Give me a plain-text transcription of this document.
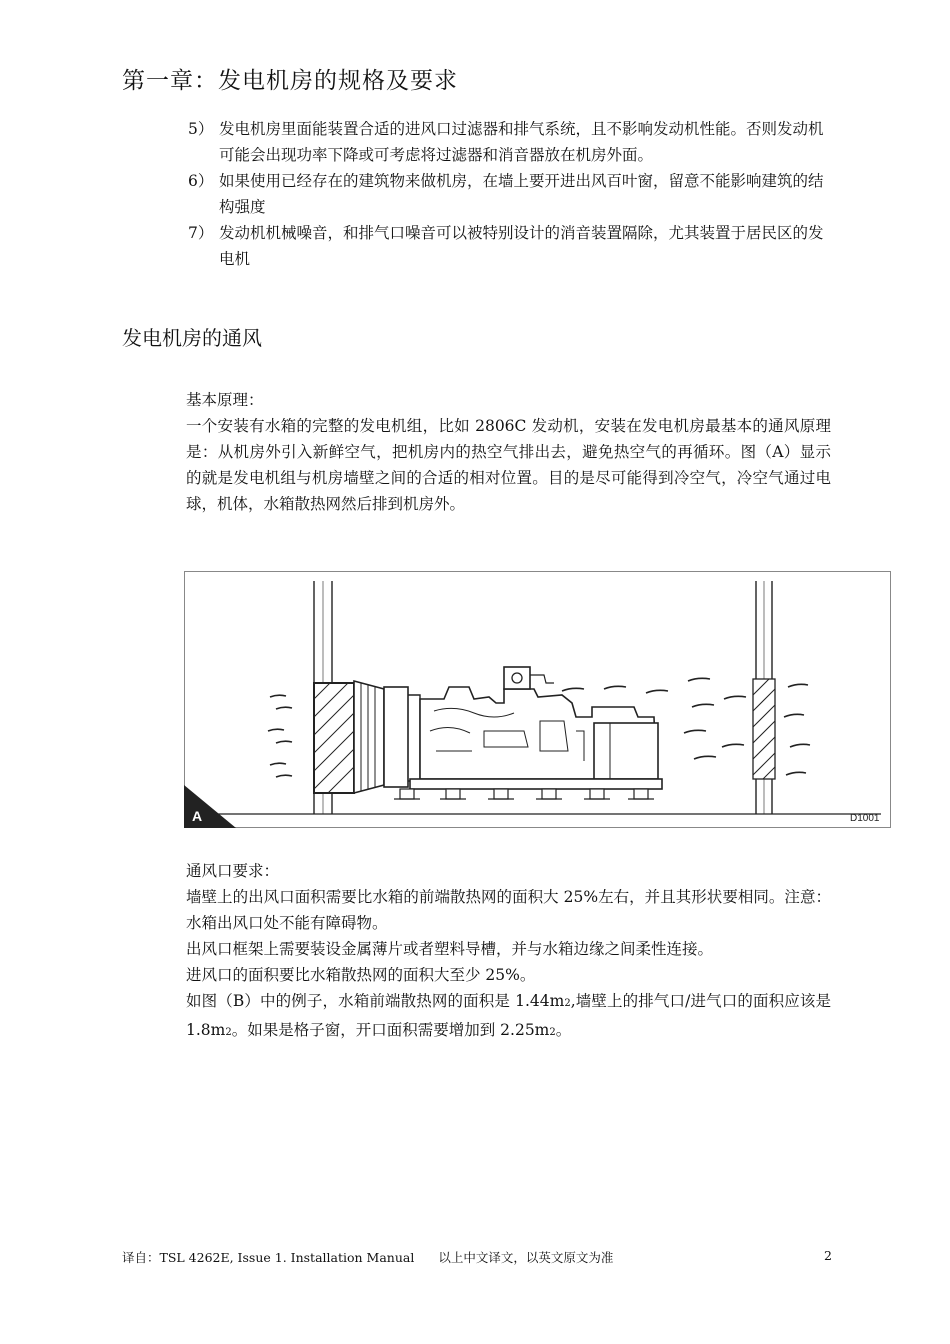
第一章：发电机房的规格及要求
5） 发电机房里面能装置合适的进风口过滤器和排气系统，且不影响发动机性能。否则发动机可能会出现功率下降或可考虑将过滤器和消音器放在机房外面。
6） 如果使用已经存在的建筑物来做机房，在墙上要开进出风百叶窗，留意不能影响建筑的结构强度
7） 发动机机械噪音，和排气口噪音可以被特别设计的消音装置隔除，尤其装置于居民区的发电机
发电机房的通风
基本原理：
一个安装有水箱的完整的发电机组，比如 2806C 发动机，安装在发电机房最基本的通风原理是：从机房外引入新鲜空气，把机房内的热空气排出去，避免热空气的再循环。图（A）显示的就是发电机组与机房墙壁之间的合适的相对位置。目的是尽可能得到冷空气，冷空气通过电球，机体，水箱散热网然后排到机房外。
A	D1001
通风口要求：
墙壁上的出风口面积需要比水箱的前端散热网的面积大 25%左右，并且其形状要相同。注意：水箱出风口处不能有障碍物。
出风口框架上需要装设金属薄片或者塑料导槽，并与水箱边缘之间柔性连接。
进风口的面积要比水箱散热网的面积大至少 25%。
如图（B）中的例子，水箱前端散热网的面积是 1.44m2,墙壁上的排气口/进气口的面积应该是 1.8m2。如果是格子窗，开口面积需要增加到 2.25m2。
译自：TSL 4262E, Issue 1. Installation Manual 以上中文译文，以英文原文为准	2
